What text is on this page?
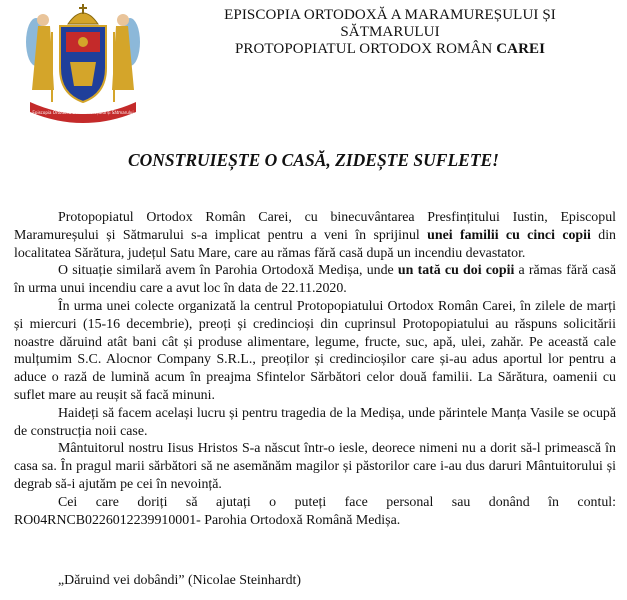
Episcopia Ortodoxă a Maramureșului și Sătmarului
EPISCOPIA ORTODOXĂ A MARAMUREȘULUI ȘI
SĂTMARULUI
PROTOPOPIATUL ORTODOX ROMÂN CAREI
CONSTRUIEȘTE O CASĂ, ZIDEȘTE SUFLETE!

Protopopiatul Ortodox Român Carei, cu binecuvântarea Presfințitului Iustin, Episcopul Maramureșului și Sătmarului s-a implicat pentru a veni în sprijinul unei familii cu cinci copii din localitatea Sărătura, județul Satu Mare, care au rămas fără casă după un incendiu devastator.

O situație similară avem în Parohia Ortodoxă Medișa, unde un tată cu doi copii a rămas fără casă în urma unui incendiu care a avut loc în data de 22.11.2020.

În urma unei colecte organizată la centrul Protopopiatului Ortodox Român Carei, în zilele de marți și miercuri (15-16 decembrie), preoți și credincioși din cuprinsul Protopopiatului au răspuns solicitării noastre dăruind atât bani cât și produse alimentare, legume, fructe, suc, apă, ulei, zahăr. Pe această cale mulțumim S.C. Alocnor Company S.R.L., preoților și credincioșilor care și-au adus aportul lor pentru a aduce o rază de lumină acum în preajma Sfintelor Sărbători celor două familii. La Sărătura, oamenii cu suflet mare au reușit să facă minuni.

Haideți să facem același lucru și pentru tragedia de la Medișa, unde părintele Manța Vasile se ocupă de construcția noii case.

Mântuitorul nostru Iisus Hristos S-a născut într-o iesle, deorece nimeni nu a dorit să-l primească în casa sa. În pragul marii sărbători să ne asemănăm magilor și păstorilor care i-au dus daruri Mântuitorului și degrab să-i ajutăm pe cei în nevoință.

Cei care doriți să ajutați o puteți face personal sau donând în contul: RO04RNCB0226012239910001- Parohia Ortodoxă Română Medișa.

„Dăruind vei dobândi” (Nicolae Steinhardt)
